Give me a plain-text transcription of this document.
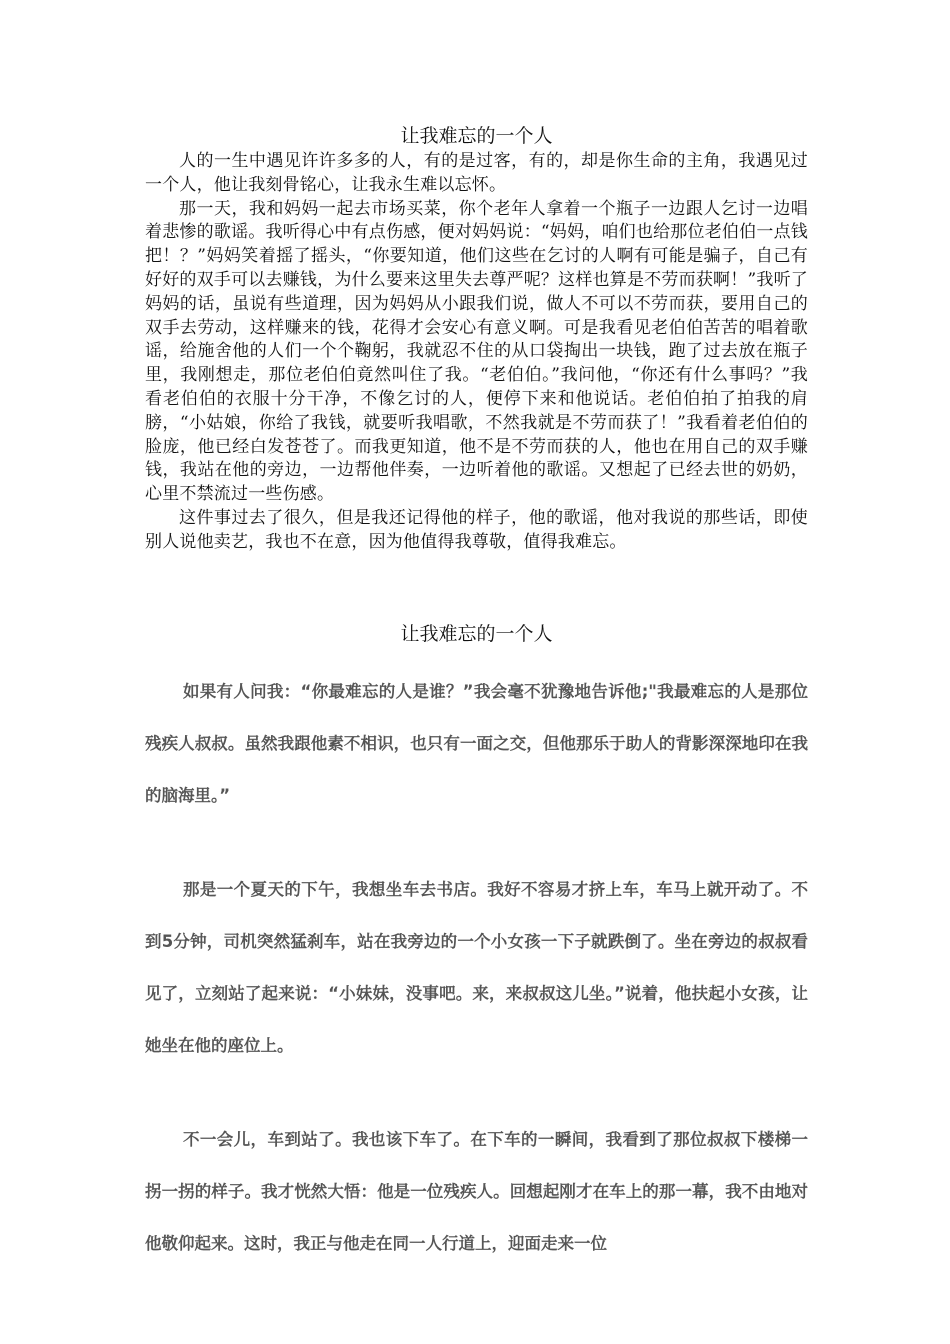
让我难忘的一个人

人的一生中遇见许许多多的人，有的是过客，有的，却是你生命的主角，我遇见过一个人，他让我刻骨铭心，让我永生难以忘怀。

那一天，我和妈妈一起去市场买菜，你个老年人拿着一个瓶子一边跟人乞讨一边唱着悲惨的歌谣。我听得心中有点伤感，便对妈妈说：“妈妈，咱们也给那位老伯伯一点钱把！？”妈妈笑着摇了摇头，“你要知道，他们这些在乞讨的人啊有可能是骗子，自己有好好的双手可以去赚钱，为什么要来这里失去尊严呢？这样也算是不劳而获啊！”我听了妈妈的话，虽说有些道理，因为妈妈从小跟我们说，做人不可以不劳而获，要用自己的双手去劳动，这样赚来的钱，花得才会安心有意义啊。可是我看见老伯伯苦苦的唱着歌谣，给施舍他的人们一个个鞠躬，我就忍不住的从口袋掏出一块钱，跑了过去放在瓶子里，我刚想走，那位老伯伯竟然叫住了我。“老伯伯。”我问他，“你还有什么事吗？”我看老伯伯的衣服十分干净，不像乞讨的人，便停下来和他说话。老伯伯拍了拍我的肩膀，“小姑娘，你给了我钱，就要听我唱歌，不然我就是不劳而获了！”我看着老伯伯的脸庞，他已经白发苍苍了。而我更知道，他不是不劳而获的人，他也在用自己的双手赚钱，我站在他的旁边，一边帮他伴奏，一边听着他的歌谣。又想起了已经去世的奶奶，心里不禁流过一些伤感。

这件事过去了很久，但是我还记得他的样子，他的歌谣，他对我说的那些话，即使别人说他卖艺，我也不在意，因为他值得我尊敬，值得我难忘。

让我难忘的一个人

如果有人问我：“你最难忘的人是谁？”我会毫不犹豫地告诉他;"我最难忘的人是那位残疾人叔叔。虽然我跟他素不相识，也只有一面之交，但他那乐于助人的背影深深地印在我的脑海里。”

那是一个夏天的下午，我想坐车去书店。我好不容易才挤上车，车马上就开动了。不到5分钟，司机突然猛刹车，站在我旁边的一个小女孩一下子就跌倒了。坐在旁边的叔叔看见了，立刻站了起来说：“小妹妹，没事吧。来，来叔叔这儿坐。”说着，他扶起小女孩，让她坐在他的座位上。

不一会儿，车到站了。我也该下车了。在下车的一瞬间，我看到了那位叔叔下楼梯一拐一拐的样子。我才恍然大悟：他是一位残疾人。回想起刚才在车上的那一幕，我不由地对他敬仰起来。这时，我正与他走在同一人行道上，迎面走来一位
